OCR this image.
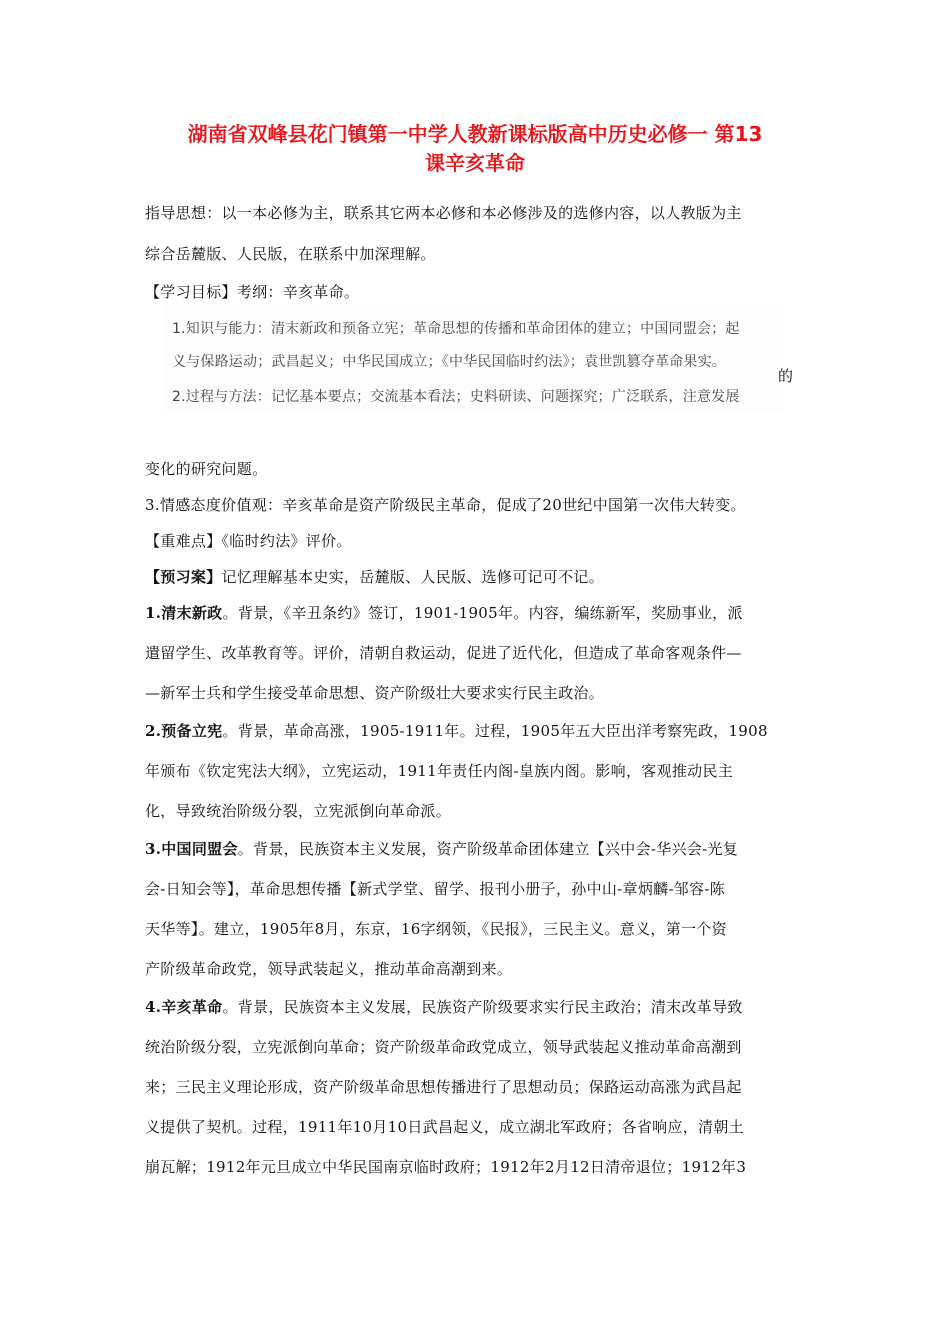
湖南省双峰县花门镇第一中学人教新课标版高中历史必修一 第13
课辛亥革命
指导思想：以一本必修为主，联系其它两本必修和本必修涉及的选修内容，以人教版为主
综合岳麓版、人民版，在联系中加深理解。
【学习目标】考纲：辛亥革命。
1.知识与能力：清末新政和预备立宪；革命思想的传播和革命团体的建立；中国同盟会；起
义与保路运动；武昌起义；中华民国成立；《中华民国临时约法》；袁世凯篡夺革命果实。
的
2.过程与方法：记忆基本要点；交流基本看法；史料研读、问题探究；广泛联系，注意发展
变化的研究问题。
3.情感态度价值观：辛亥革命是资产阶级民主革命，促成了20世纪中国第一次伟大转变。
【重难点】《临时约法》评价。
【预习案】记忆理解基本史实，岳麓版、人民版、选修可记可不记。
1.清末新政。背景，《辛丑条约》签订，1901-1905年。内容，编练新军，奖励事业，派
遣留学生、改革教育等。评价，清朝自救运动，促进了近代化，但造成了革命客观条件—
—新军士兵和学生接受革命思想、资产阶级壮大要求实行民主政治。
2.预备立宪。背景，革命高涨，1905-1911年。过程，1905年五大臣出洋考察宪政，1908
年颁布《钦定宪法大纲》，立宪运动，1911年责任内阁-皇族内阁。影响，客观推动民主
化，导致统治阶级分裂，立宪派倒向革命派。
3.中国同盟会。背景，民族资本主义发展，资产阶级革命团体建立【兴中会-华兴会-光复
会-日知会等】，革命思想传播【新式学堂、留学、报刊小册子，孙中山-章炳麟-邹容-陈
天华等】。建立，1905年8月，东京，16字纲领，《民报》，三民主义。意义，第一个资
产阶级革命政党，领导武装起义，推动革命高潮到来。
4.辛亥革命。背景，民族资本主义发展，民族资产阶级要求实行民主政治；清末改革导致
统治阶级分裂，立宪派倒向革命；资产阶级革命政党成立，领导武装起义推动革命高潮到
来；三民主义理论形成，资产阶级革命思想传播进行了思想动员；保路运动高涨为武昌起
义提供了契机。过程，1911年10月10日武昌起义，成立湖北军政府；各省响应，清朝土
崩瓦解；1912年元旦成立中华民国南京临时政府；1912年2月12日清帝退位；1912年3
